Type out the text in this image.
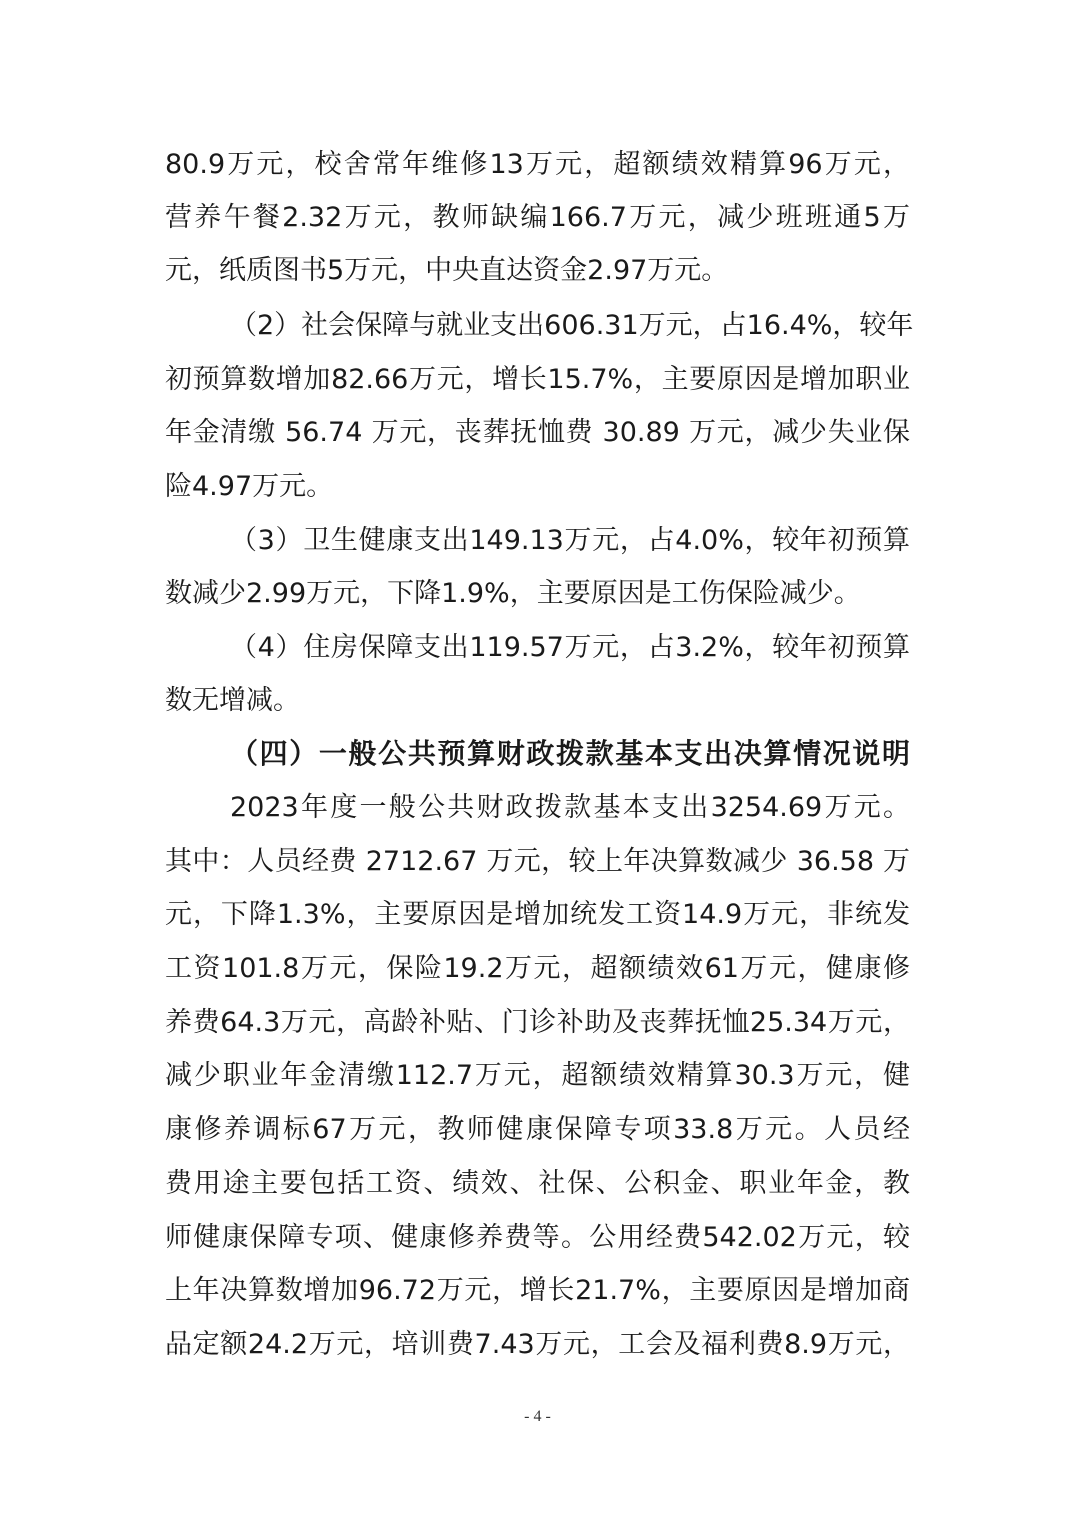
80.9万元，校舍常年维修13万元，超额绩效精算96万元，
营养午餐2.32万元，教师缺编166.7万元，减少班班通5万
元，纸质图书5万元，中央直达资金2.97万元。
（2）社会保障与就业支出606.31万元，占16.4%，较年
初预算数增加82.66万元，增长15.7%，主要原因是增加职业
年金清缴 56.74 万元，丧葬抚恤费 30.89 万元，减少失业保
险4.97万元。
（3）卫生健康支出149.13万元，占4.0%，较年初预算
数减少2.99万元，下降1.9%，主要原因是工伤保险减少。
（4）住房保障支出119.57万元，占3.2%，较年初预算
数无增减。
（四）一般公共预算财政拨款基本支出决算情况说明
2023年度一般公共财政拨款基本支出3254.69万元。
其中：人员经费 2712.67 万元，较上年决算数减少 36.58 万
元，下降1.3%，主要原因是增加统发工资14.9万元，非统发
工资101.8万元，保险19.2万元，超额绩效61万元，健康修
养费64.3万元，高龄补贴、门诊补助及丧葬抚恤25.34万元，
减少职业年金清缴112.7万元，超额绩效精算30.3万元，健
康修养调标67万元，教师健康保障专项33.8万元。人员经
费用途主要包括工资、绩效、社保、公积金、职业年金，教
师健康保障专项、健康修养费等。公用经费542.02万元，较
上年决算数增加96.72万元，增长21.7%，主要原因是增加商
品定额24.2万元，培训费7.43万元，工会及福利费8.9万元，
- 4 -
